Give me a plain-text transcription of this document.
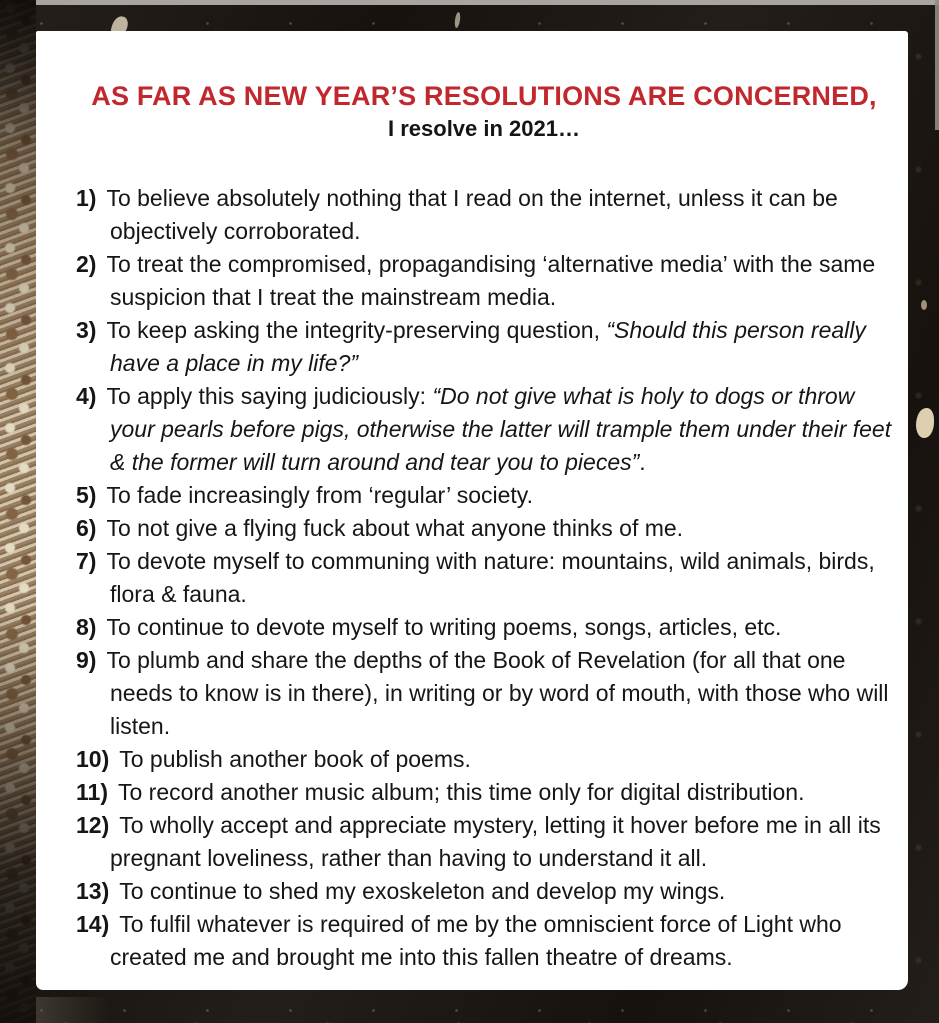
AS FAR AS NEW YEAR’S RESOLUTIONS ARE CONCERNED,
I resolve in 2021…
1) To believe absolutely nothing that I read on the internet, unless it can be objectively corroborated.
2) To treat the compromised, propagandising ‘alternative media’ with the same suspicion that I treat the mainstream media.
3) To keep asking the integrity-preserving question, “Should this person really have a place in my life?”
4) To apply this saying judiciously: “Do not give what is holy to dogs or throw your pearls before pigs, otherwise the latter will trample them under their feet & the former will turn around and tear you to pieces”.
5) To fade increasingly from ‘regular’ society.
6) To not give a flying fuck about what anyone thinks of me.
7) To devote myself to communing with nature: mountains, wild animals, birds, flora & fauna.
8) To continue to devote myself to writing poems, songs, articles, etc.
9) To plumb and share the depths of the Book of Revelation (for all that one needs to know is in there), in writing or by word of mouth, with those who will listen.
10) To publish another book of poems.
11) To record another music album; this time only for digital distribution.
12) To wholly accept and appreciate mystery, letting it hover before me in all its pregnant loveliness, rather than having to understand it all.
13) To continue to shed my exoskeleton and develop my wings.
14) To fulfil whatever is required of me by the omniscient force of Light who created me and brought me into this fallen theatre of dreams.
